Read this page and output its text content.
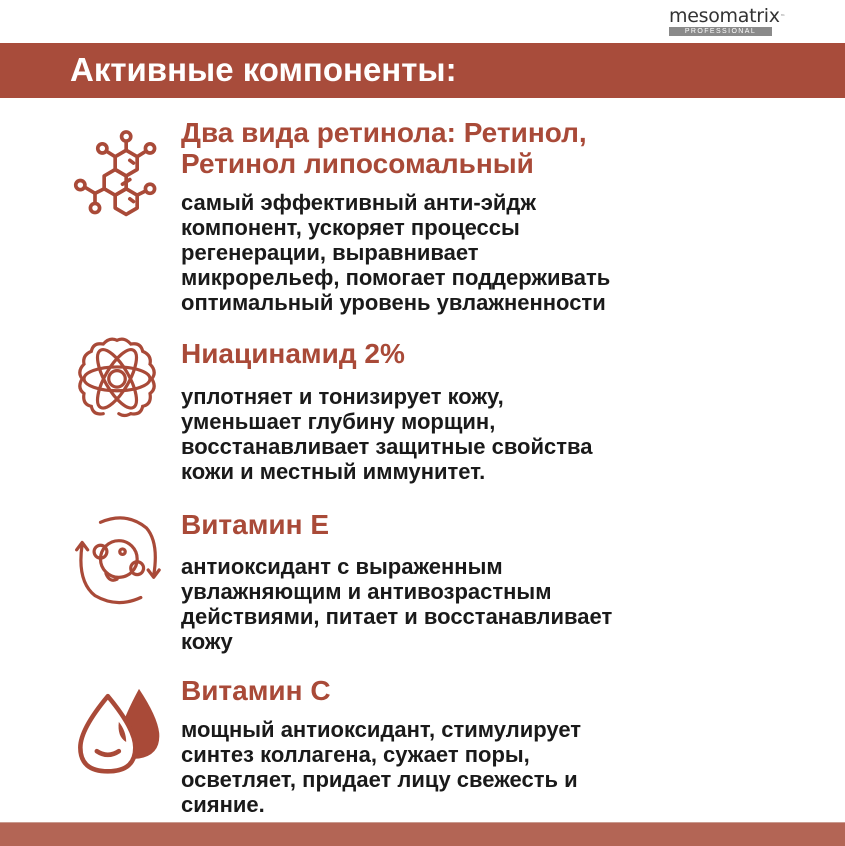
mesomatrix ™
PROFESSIONAL
Активные компоненты:
Два вида ретинола: Ретинол,
Ретинол липосомальный
самый эффективный анти-эйдж
компонент, ускоряет процессы
регенерации, выравнивает
микрорельеф, помогает поддерживать
оптимальный уровень увлажненности
Ниацинамид 2%
уплотняет и тонизирует кожу,
уменьшает глубину морщин,
восстанавливает защитные свойства
кожи и местный иммунитет.
Витамин Е
антиоксидант с выраженным
увлажняющим и антивозрастным
действиями, питает и восстанавливает
кожу
Витамин С
мощный антиоксидант, стимулирует
синтез коллагена, сужает поры,
осветляет, придает лицу свежесть и
сияние.
